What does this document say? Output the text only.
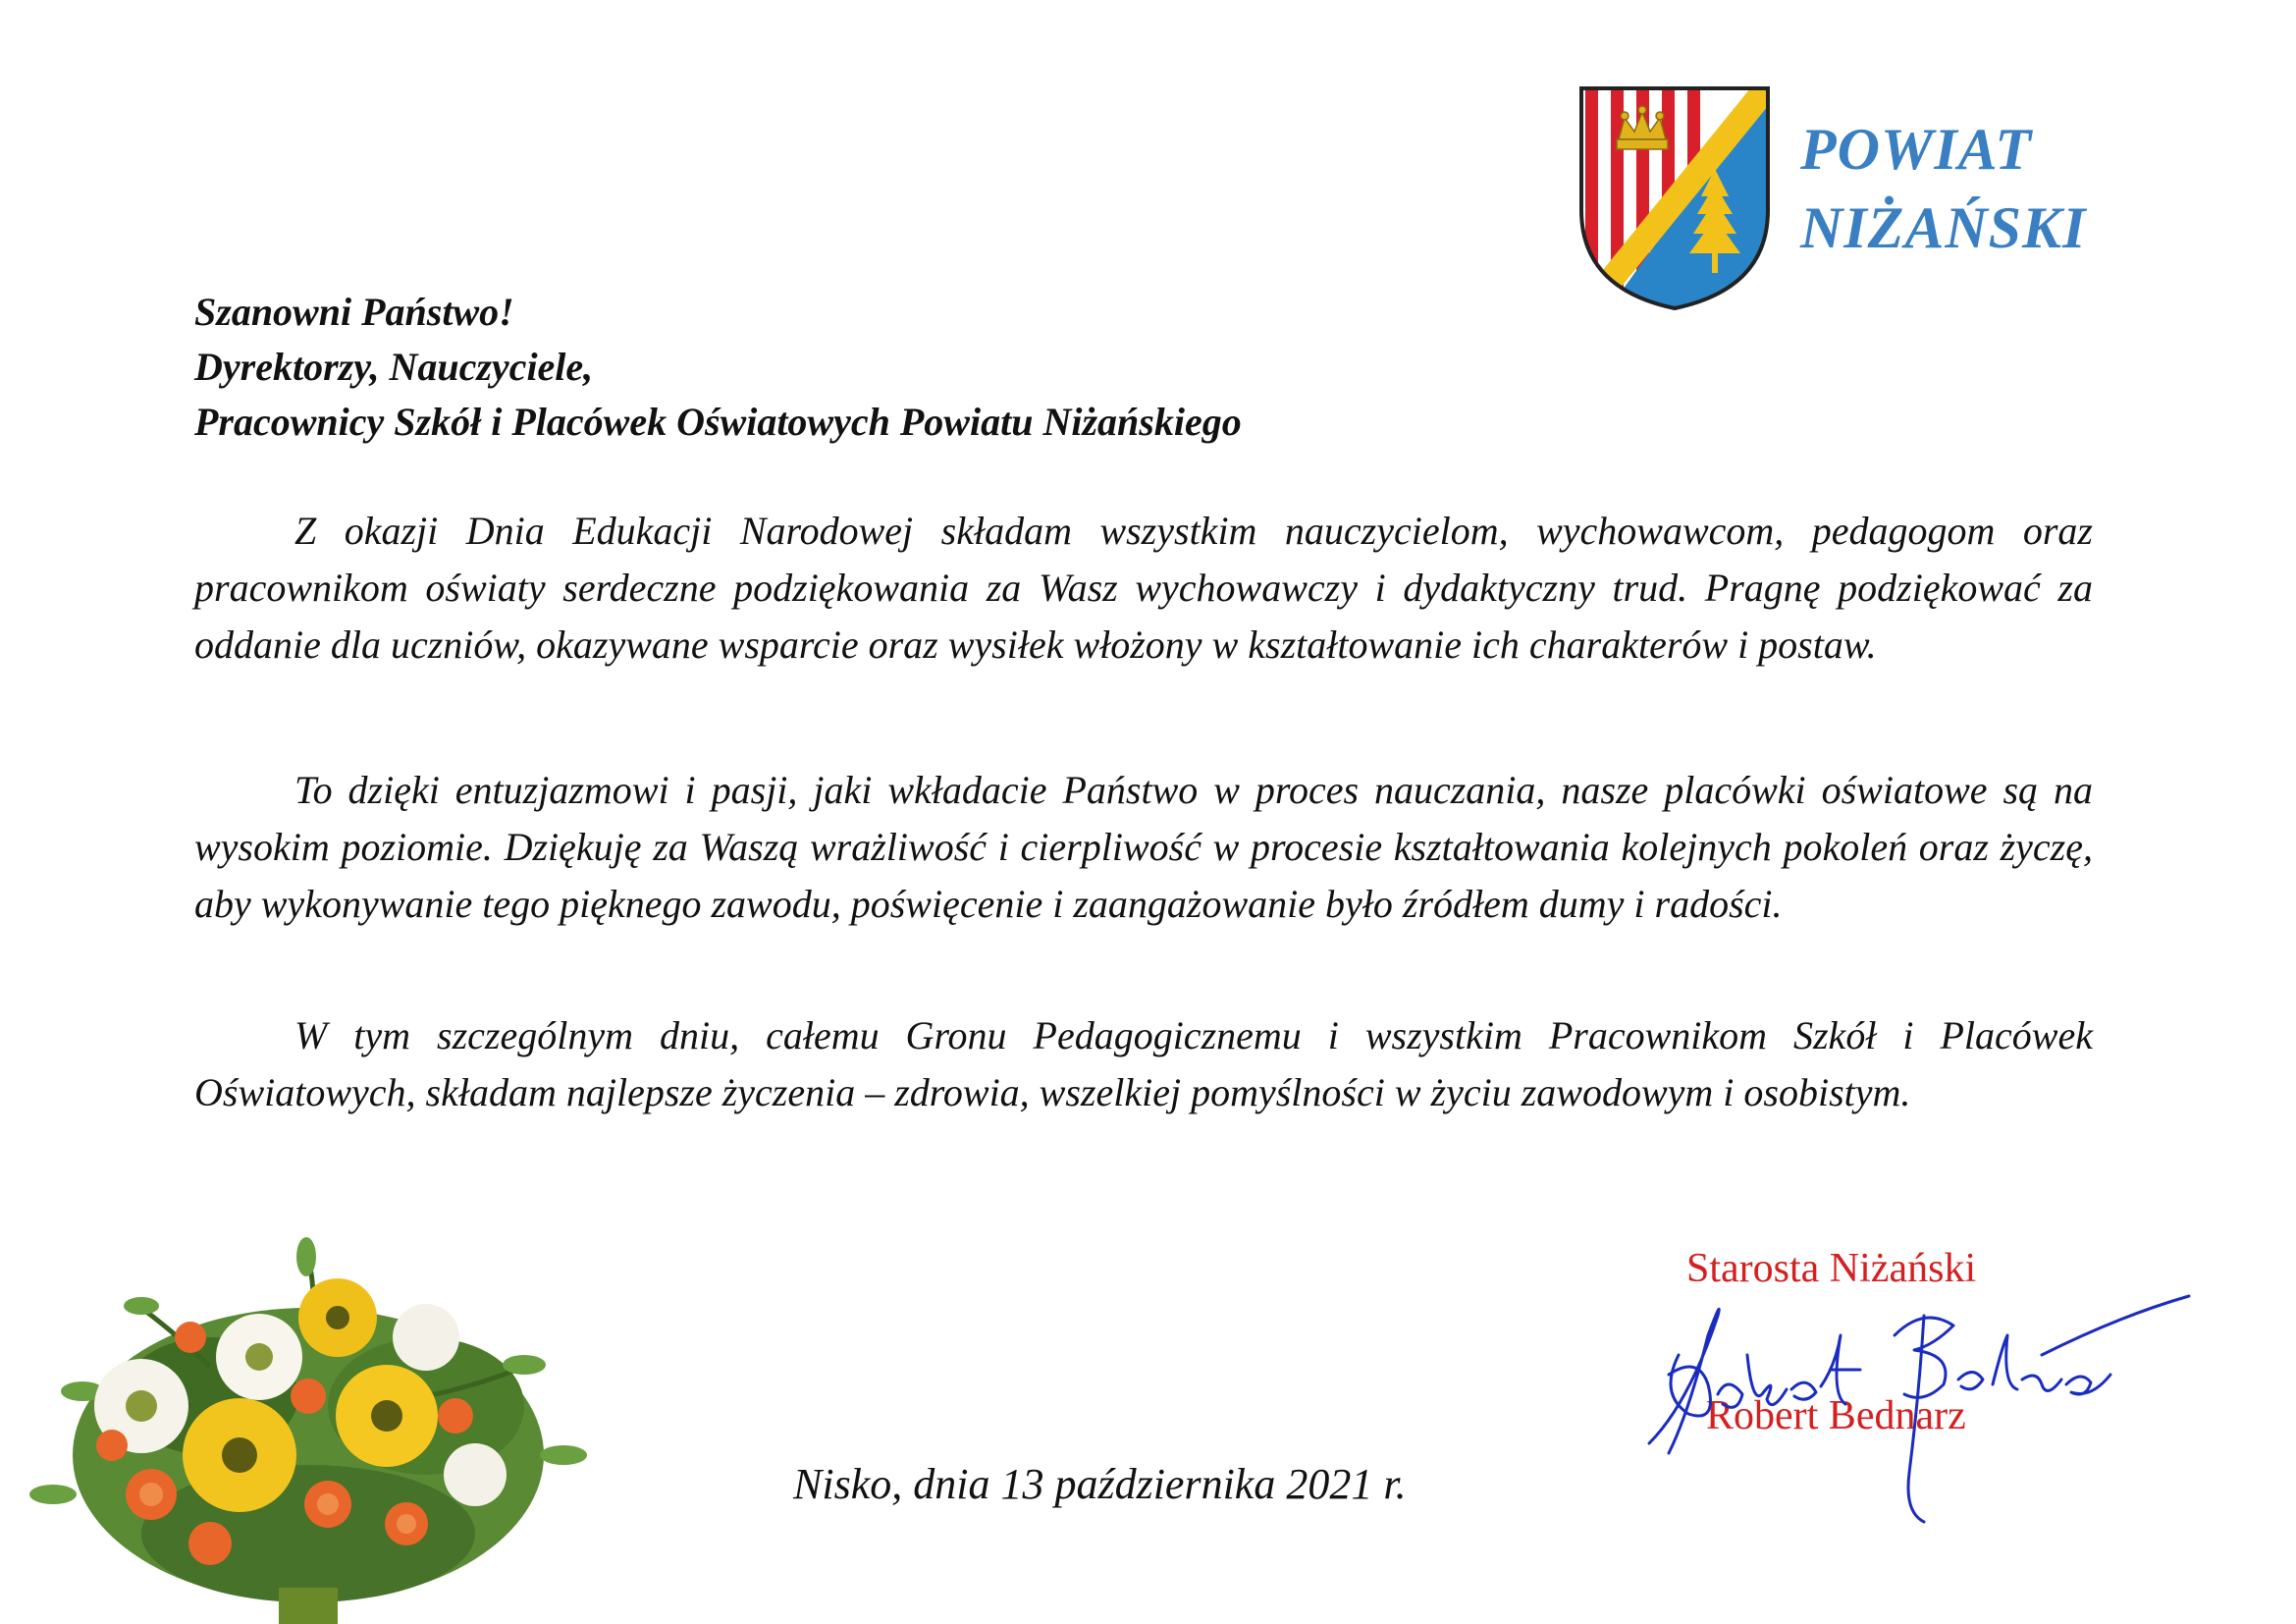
POWIAT
NIŻAŃSKI
Szanowni Państwo!
Dyrektorzy, Nauczyciele,
Pracownicy Szkół i Placówek Oświatowych Powiatu Niżańskiego

Z okazji Dnia Edukacji Narodowej składam wszystkim nauczycielom, wychowawcom, pedagogom oraz pracownikom oświaty serdeczne podziękowania za Wasz wychowawczy i dydaktyczny trud. Pragnę podziękować za oddanie dla uczniów, okazywane wsparcie oraz wysiłek włożony w kształtowanie ich charakterów i postaw.

To dzięki entuzjazmowi i pasji, jaki wkładacie Państwo w proces nauczania, nasze placówki oświatowe są na wysokim poziomie. Dziękuję za Waszą wrażliwość i cierpliwość w procesie kształtowania kolejnych pokoleń oraz życzę, aby wykonywanie tego pięknego zawodu, poświęcenie i zaangażowanie było źródłem dumy i radości.

W tym szczególnym dniu, całemu Gronu Pedagogicznemu i wszystkim Pracownikom Szkół i Placówek Oświatowych, składam najlepsze życzenia – zdrowia, wszelkiej pomyślności w życiu zawodowym i osobistym.

Nisko, dnia 13 października 2021 r.
Starosta Niżański
Robert Bednarz
